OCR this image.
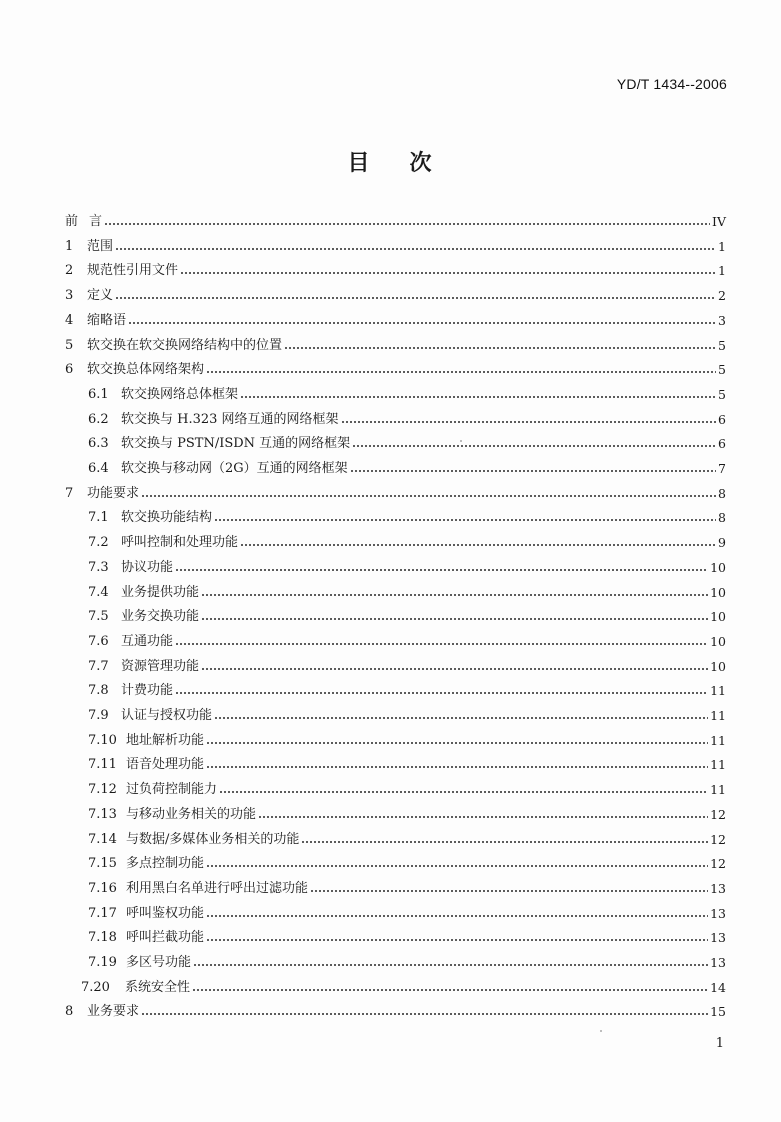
YD/T 1434--2006
目 次
前 言	IV
1	范围	1
2	规范性引用文件	1
3	定义	2
4	缩略语	3
5	软交换在软交换网络结构中的位置	5
6	软交换总体网络架构	5
6.1 软交换网络总体框架	5
6.2 软交换与 H.323 网络互通的网络框架	6
6.3 软交换与 PSTN/ISDN 互通的网络框架	6
6.4 软交换与移动网（2G）互通的网络框架	7
7	功能要求	8
7.1 软交换功能结构	8
7.2 呼叫控制和处理功能	9
7.3 协议功能	10
7.4 业务提供功能	10
7.5 业务交换功能	10
7.6 互通功能	10
7.7 资源管理功能	10
7.8 计费功能	11
7.9 认证与授权功能	11
7.10 地址解析功能	11
7.11 语音处理功能	11
7.12 过负荷控制能力	11
7.13 与移动业务相关的功能	12
7.14 与数据/多媒体业务相关的功能	12
7.15 多点控制功能	12
7.16 利用黑白名单进行呼出过滤功能	13
7.17 呼叫鉴权功能	13
7.18 呼叫拦截功能	13
7.19 多区号功能	13
7.20	系统安全性	14
8	业务要求	15
1
